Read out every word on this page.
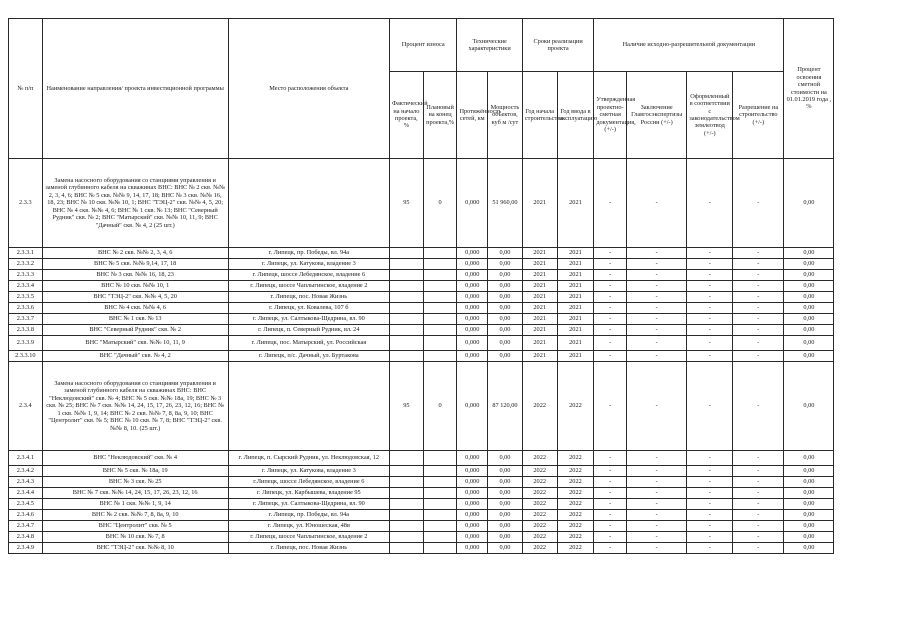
№ п/п	Наименование направления/ проекта инвестиционной программы	Место расположения объекта	Процент износа		Технические характеристики		Сроки реализации проекта		Наличие исходно-разрешительной документации				Процент освоения сметной стоимости на 01.01.2019 года , %
			Фактический на начало проекта, %	Плановый на конец проекта,%	Протяжённость сетей, км	Мощность объектов, куб м /сут	Год начала строительства	Год ввода в эксплуатацию	Утвержденная проектно-сметная документация, (+/-)	Заключение Главгосэкспертизы России (+/-)	Оформленный в соответствии с законодательством землеотвод (+/-)	Разрешение на строительство (+/-)	
2.3.3	Замена насосного оборудования со станциями управления и заменой глубинного кабеля на скважинах ВНС: ВНС № 2 скв. №№ 2, 3, 4, 6; ВНС № 5 скв. №№ 9, 14, 17, 18; ВНС № 3 скв. №№ 16, 18, 23; ВНС № 10 скв. №№ 10, 1; ВНС "ТЭЦ-2" скв. №№ 4, 5, 20; ВНС № 4 скв. №№ 4, 6; ВНС № 1 скв. № 13; ВНС "Северный Рудник" скв. № 2; ВНС "Матырский" скв. №№ 10, 11, 9; ВНС "Дачный" скв. № 4, 2 (25 шт.)		95	0	0,000	51 960,00	2021	2021	-	-	-	-	0,00
2.3.3.1	ВНС № 2 скв. №№ 2, 3, 4, 6	г. Липецк, пр. Победы, вл. 94а			0,000	0,00	2021	2021	-	-	-	-	0,00
2.3.3.2	ВНС № 5 скв. №№ 9,14, 17, 18	г. Липецк, ул. Катукова, владение 3			0,000	0,00	2021	2021	-	-	-	-	0,00
2.3.3.3	ВНС № 3 скв. №№ 16, 18, 23	г. Липецк, шоссе Лебедянское, владение 6			0,000	0,00	2021	2021	-	-	-	-	0,00
2.3.3.4	ВНС № 10 скв. №№ 10, 1	г. Липецк, шоссе Чаплыгинское, владение 2			0,000	0,00	2021	2021	-	-	-	-	0,00
2.3.3.5	ВНС "ТЭЦ-2" скв. №№ 4, 5, 20	г. Липецк, пос. Новая Жизнь			0,000	0,00	2021	2021	-	-	-	-	0,00
2.3.3.6	ВНС № 4 скв. №№ 4, 6	г. Липецк, ул. Ковалева, 107 б			0,000	0,00	2021	2021	-	-	-	-	0,00
2.3.3.7	ВНС № 1 скв. № 13	г. Липецк, ул. Салтыкова-Щедрина, вл. 90			0,000	0,00	2021	2021	-	-	-	-	0,00
2.3.3.8	ВНС "Северный Рудник" скв. № 2	г. Липецк, п. Северный Рудник, вл. 24			0,000	0,00	2021	2021	-	-	-	-	0,00
2.3.3.9	ВНС "Матырский" скв. №№ 10, 11, 9	г. Липецк, пос. Матырский, ул. Российская			0,000	0,00	2021	2021	-	-	-	-	0,00
2.3.3.10	ВНС "Дачный" скв. № 4, 2	г. Липецк, п/с. Дачный, ул. Буртакова			0,000	0,00	2021	2021	-	-	-	-	0,00
2.3.4	Замена насосного оборудования со станциями управления и заменой глубинного кабеля на скважинах ВНС: ВНС "Неклюдовский" скв. № 4; ВНС № 5 скв. №№ 18а, 19; ВНС № 3 скв. № 25; ВНС № 7 скв. №№ 14, 24, 15, 17, 26, 23, 12, 16; ВНС № 1 скв. №№ 1, 9, 14; ВНС № 2 скв. №№ 7, 8, 8а, 9, 10; ВНС "Центролит" скв. № 5; ВНС № 10 скв. № 7, 8; ВНС "ТЭЦ-2" скв. №№ 8, 10. (25 шт.)		95	0	0,000	87 120,00	2022	2022	-	-	-	-	0,00
2.3.4.1	ВНС "Неклюдовский" скв. № 4	г. Липецк, п. Сырский Рудник, ул. Неклюдовская, 12			0,000	0,00	2022	2022	-	-	-	-	0,00
2.3.4.2	ВНС № 5 скв. № 18а, 19	г. Липецк, ул. Катукова, владение 3			0,000	0,00	2022	2022	-	-	-	-	0,00
2.3.4.3	ВНС № 3 скв. № 25	г.Липецк, шоссе Лебедянское, владение 6			0,000	0,00	2022	2022	-	-	-	-	0,00
2.3.4.4	ВНС № 7 скв. №№ 14, 24, 15, 17, 26, 23, 12, 16	г. Липецк, ул. Карбышева, владение 95			0,000	0,00	2022	2022	-	-	-	-	0,00
2.3.4.5	ВНС № 1 скв. №№ 1, 9, 14	г. Липецк, ул. Салтыкова-Щедрина, вл. 90			0,000	0,00	2022	2022	-	-	-	-	0,00
2.3.4.6	ВНС № 2 скв. №№ 7, 8, 8а, 9, 10	г. Липецк, пр. Победы, вл. 94а			0,000	0,00	2022	2022	-	-	-	-	0,00
2.3.4.7	ВНС "Центролит" скв. № 5	г. Липецк, ул. Юношеская, 48в			0,000	0,00	2022	2022	-	-	-	-	0,00
2.3.4.8	ВНС № 10 скв. № 7, 8	г. Липецк, шоссе Чаплыгинское, владение 2			0,000	0,00	2022	2022	-	-	-	-	0,00
2.3.4.9	ВНС "ТЭЦ-2" скв. №№ 8, 10	г. Липецк, пос. Новая Жизнь			0,000	0,00	2022	2022	-	-	-	-	0,00
